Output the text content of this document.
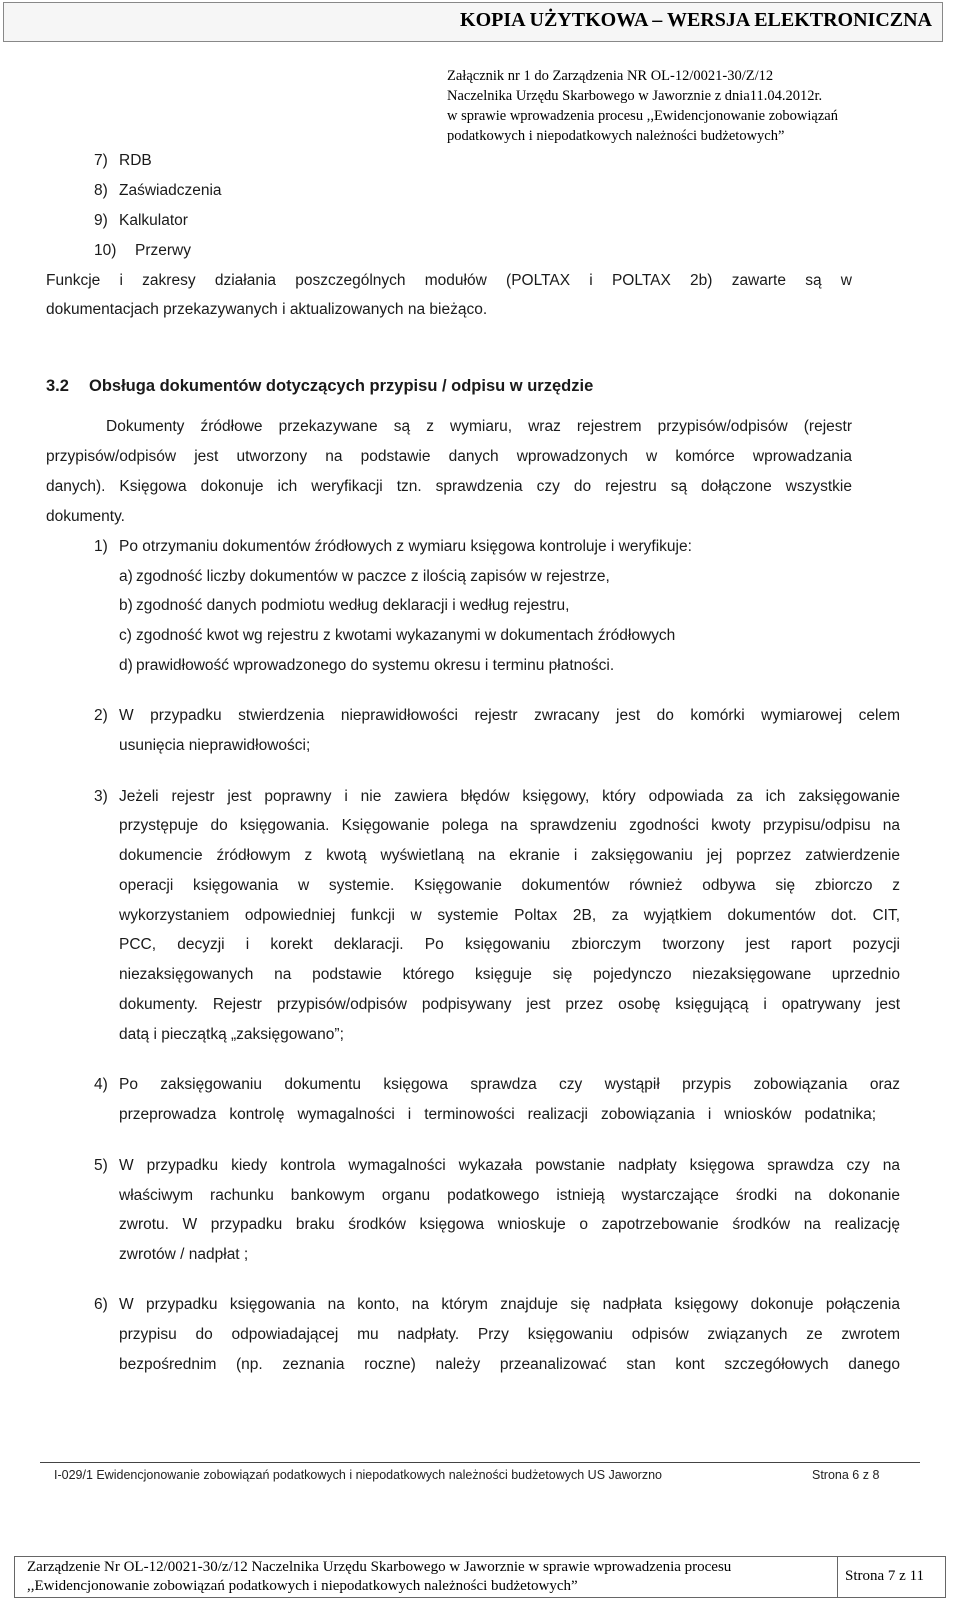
KOPIA UŻYTKOWA – WERSJA ELEKTRONICZNA
Załącznik nr 1 do Zarządzenia NR OL-12/0021-30/Z/12
Naczelnika Urzędu Skarbowego w Jaworznie z dnia11.04.2012r.
w sprawie wprowadzenia procesu ,,Ewidencjonowanie zobowiązań
podatkowych i niepodatkowych należności budżetowych”
7) RDB
8) Zaświadczenia
9) Kalkulator
10) Przerwy
Funkcje i zakresy działania poszczególnych modułów (POLTAX i POLTAX 2b) zawarte są w
dokumentacjach przekazywanych i aktualizowanych na bieżąco.
3.2 Obsługa dokumentów dotyczących przypisu / odpisu w urzędzie
Dokumenty źródłowe przekazywane są z wymiaru, wraz rejestrem przypisów/odpisów (rejestr
przypisów/odpisów jest utworzony na podstawie danych wprowadzonych w komórce wprowadzania
danych). Księgowa dokonuje ich weryfikacji tzn. sprawdzenia czy do rejestru są dołączone wszystkie
dokumenty.
1) Po otrzymaniu dokumentów źródłowych z wymiaru księgowa kontroluje i weryfikuje:
a) zgodność liczby dokumentów w paczce z ilością zapisów w rejestrze,
b) zgodność danych podmiotu według deklaracji i według rejestru,
c) zgodność kwot wg rejestru z kwotami wykazanymi w dokumentach źródłowych
d) prawidłowość wprowadzonego do systemu okresu i terminu płatności.
2) W przypadku stwierdzenia nieprawidłowości rejestr zwracany jest do komórki wymiarowej celem
usunięcia nieprawidłowości;
3) Jeżeli rejestr jest poprawny i nie zawiera błędów księgowy, który odpowiada za ich zaksięgowanie
przystępuje do księgowania. Księgowanie polega na sprawdzeniu zgodności kwoty przypisu/odpisu na
dokumencie źródłowym z kwotą wyświetlaną na ekranie i zaksięgowaniu jej poprzez zatwierdzenie
operacji księgowania w systemie. Księgowanie dokumentów również odbywa się zbiorczo z
wykorzystaniem odpowiedniej funkcji w systemie Poltax 2B, za wyjątkiem dokumentów dot. CIT,
PCC, decyzji i korekt deklaracji. Po księgowaniu zbiorczym tworzony jest raport pozycji
niezaksięgowanych na podstawie którego księguje się pojedynczo niezaksięgowane uprzednio
dokumenty. Rejestr przypisów/odpisów podpisywany jest przez osobę księgującą i opatrywany jest
datą i pieczątką „zaksięgowano”;
4) Po zaksięgowaniu dokumentu księgowa sprawdza czy wystąpił przypis zobowiązania oraz
przeprowadza kontrolę wymagalności i terminowości realizacji zobowiązania i wniosków podatnika;
5) W przypadku kiedy kontrola wymagalności wykazała powstanie nadpłaty księgowa sprawdza czy na
właściwym rachunku bankowym organu podatkowego istnieją wystarczające środki na dokonanie
zwrotu. W przypadku braku środków księgowa wnioskuje o zapotrzebowanie środków na realizację
zwrotów / nadpłat ;
6) W przypadku księgowania na konto, na którym znajduje się nadpłata księgowy dokonuje połączenia
przypisu do odpowiadającej mu nadpłaty. Przy księgowaniu odpisów związanych ze zwrotem
bezpośrednim (np. zeznania roczne) należy przeanalizować stan kont szczegółowych danego
I-029/1 Ewidencjonowanie zobowiązań podatkowych i niepodatkowych należności budżetowych US Jaworzno	Strona 6 z 8
Zarządzenie Nr OL-12/0021-30/z/12 Naczelnika Urzędu Skarbowego w Jaworznie w sprawie wprowadzenia procesu
,,Ewidencjonowanie zobowiązań podatkowych i niepodatkowych należności budżetowych”
Strona 7 z 11
